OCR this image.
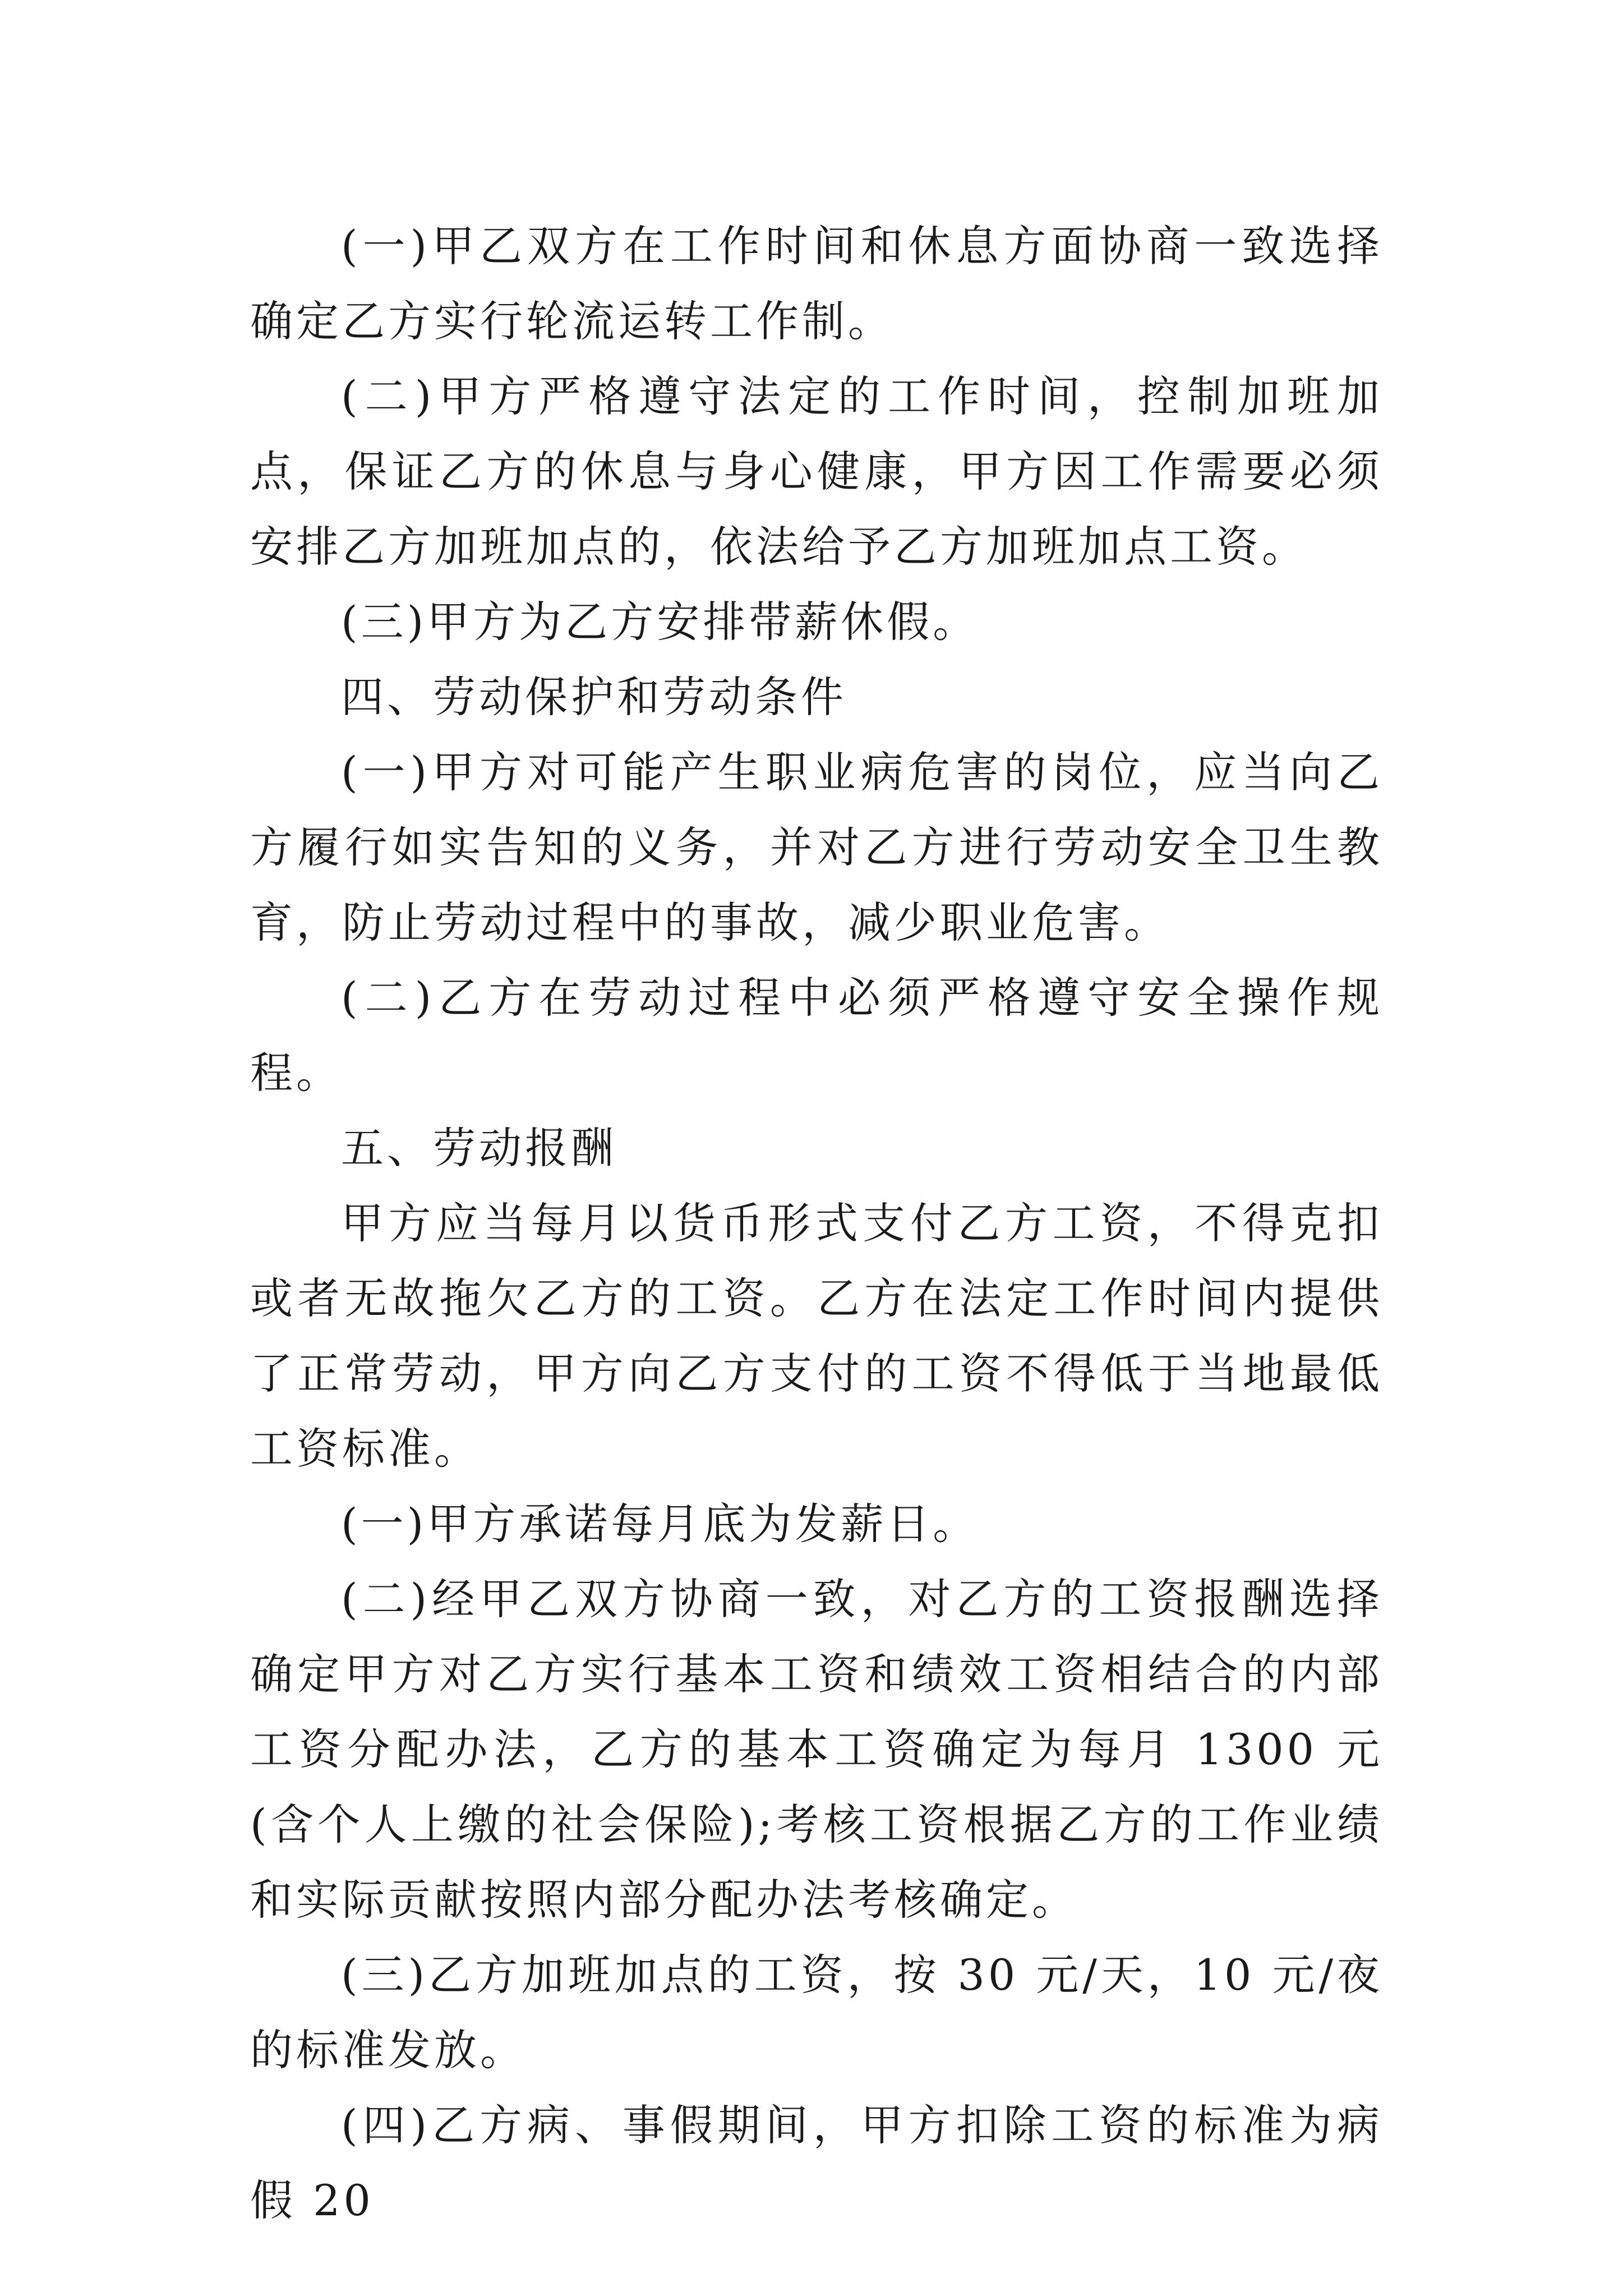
(一)甲乙双方在工作时间和休息方面协商一致选择确定乙方实行轮流运转工作制。

(二)甲方严格遵守法定的工作时间，控制加班加点，保证乙方的休息与身心健康，甲方因工作需要必须安排乙方加班加点的，依法给予乙方加班加点工资。

(三)甲方为乙方安排带薪休假。

四、劳动保护和劳动条件

(一)甲方对可能产生职业病危害的岗位，应当向乙方履行如实告知的义务，并对乙方进行劳动安全卫生教育，防止劳动过程中的事故，减少职业危害。

(二)乙方在劳动过程中必须严格遵守安全操作规程。

五、劳动报酬

甲方应当每月以货币形式支付乙方工资，不得克扣或者无故拖欠乙方的工资。乙方在法定工作时间内提供了正常劳动，甲方向乙方支付的工资不得低于当地最低工资标准。

(一)甲方承诺每月底为发薪日。

(二)经甲乙双方协商一致，对乙方的工资报酬选择确定甲方对乙方实行基本工资和绩效工资相结合的内部工资分配办法，乙方的基本工资确定为每月 1300 元(含个人上缴的社会保险);考核工资根据乙方的工作业绩和实际贡献按照内部分配办法考核确定。

(三)乙方加班加点的工资，按 30 元/天，10 元/夜的标准发放。

(四)乙方病、事假期间，甲方扣除工资的标准为病假 20
